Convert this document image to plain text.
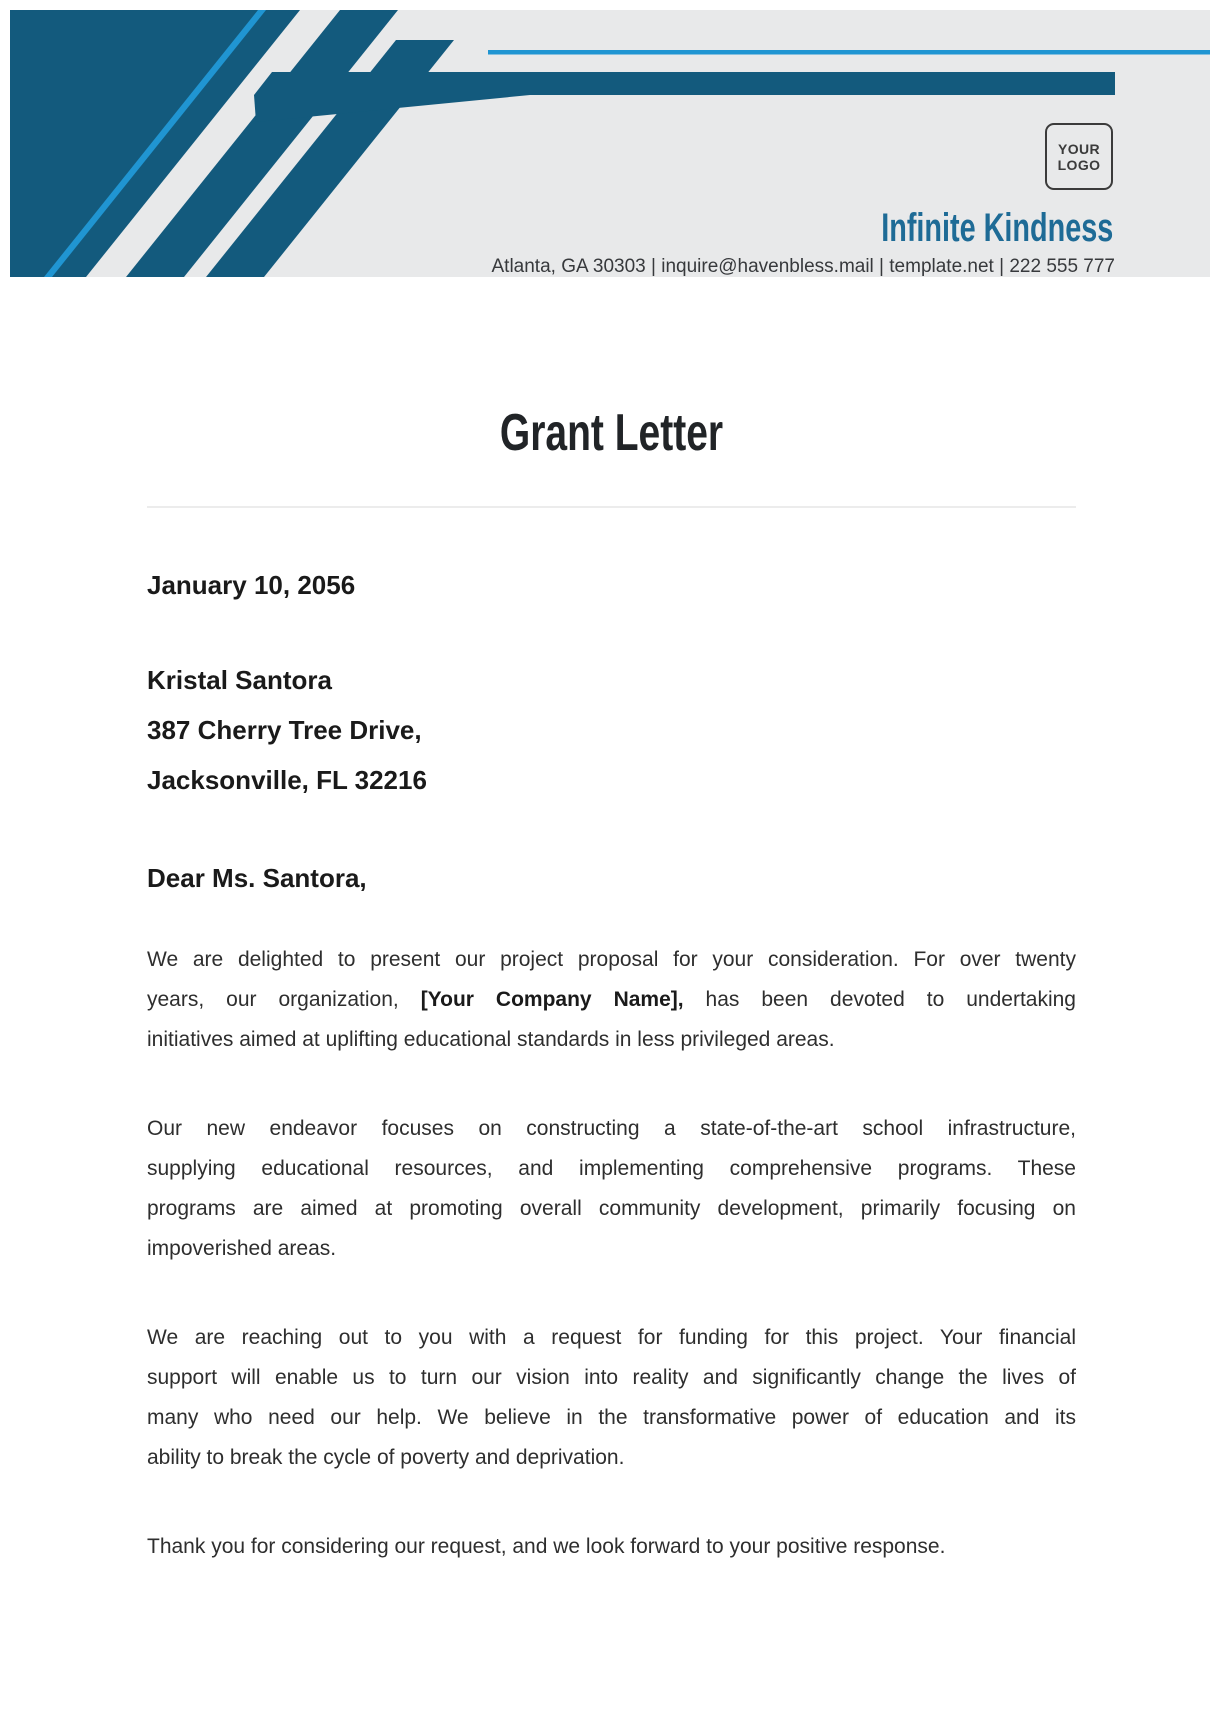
YOUR
LOGO
Infinite Kindness
Atlanta, GA 30303 | inquire@havenbless.mail | template.net | 222 555 777
Grant Letter

January 10, 2056

Kristal Santora

387 Cherry Tree Drive,

Jacksonville, FL 32216

Dear Ms. Santora,

We are delighted to present our project proposal for your consideration. For over twenty
years, our organization, [Your Company Name], has been devoted to undertaking
initiatives aimed at uplifting educational standards in less privileged areas.
Our new endeavor focuses on constructing a state-of-the-art school infrastructure,
supplying educational resources, and implementing comprehensive programs. These
programs are aimed at promoting overall community development, primarily focusing on
impoverished areas.
We are reaching out to you with a request for funding for this project. Your financial
support will enable us to turn our vision into reality and significantly change the lives of
many who need our help. We believe in the transformative power of education and its
ability to break the cycle of poverty and deprivation.
Thank you for considering our request, and we look forward to your positive response.
